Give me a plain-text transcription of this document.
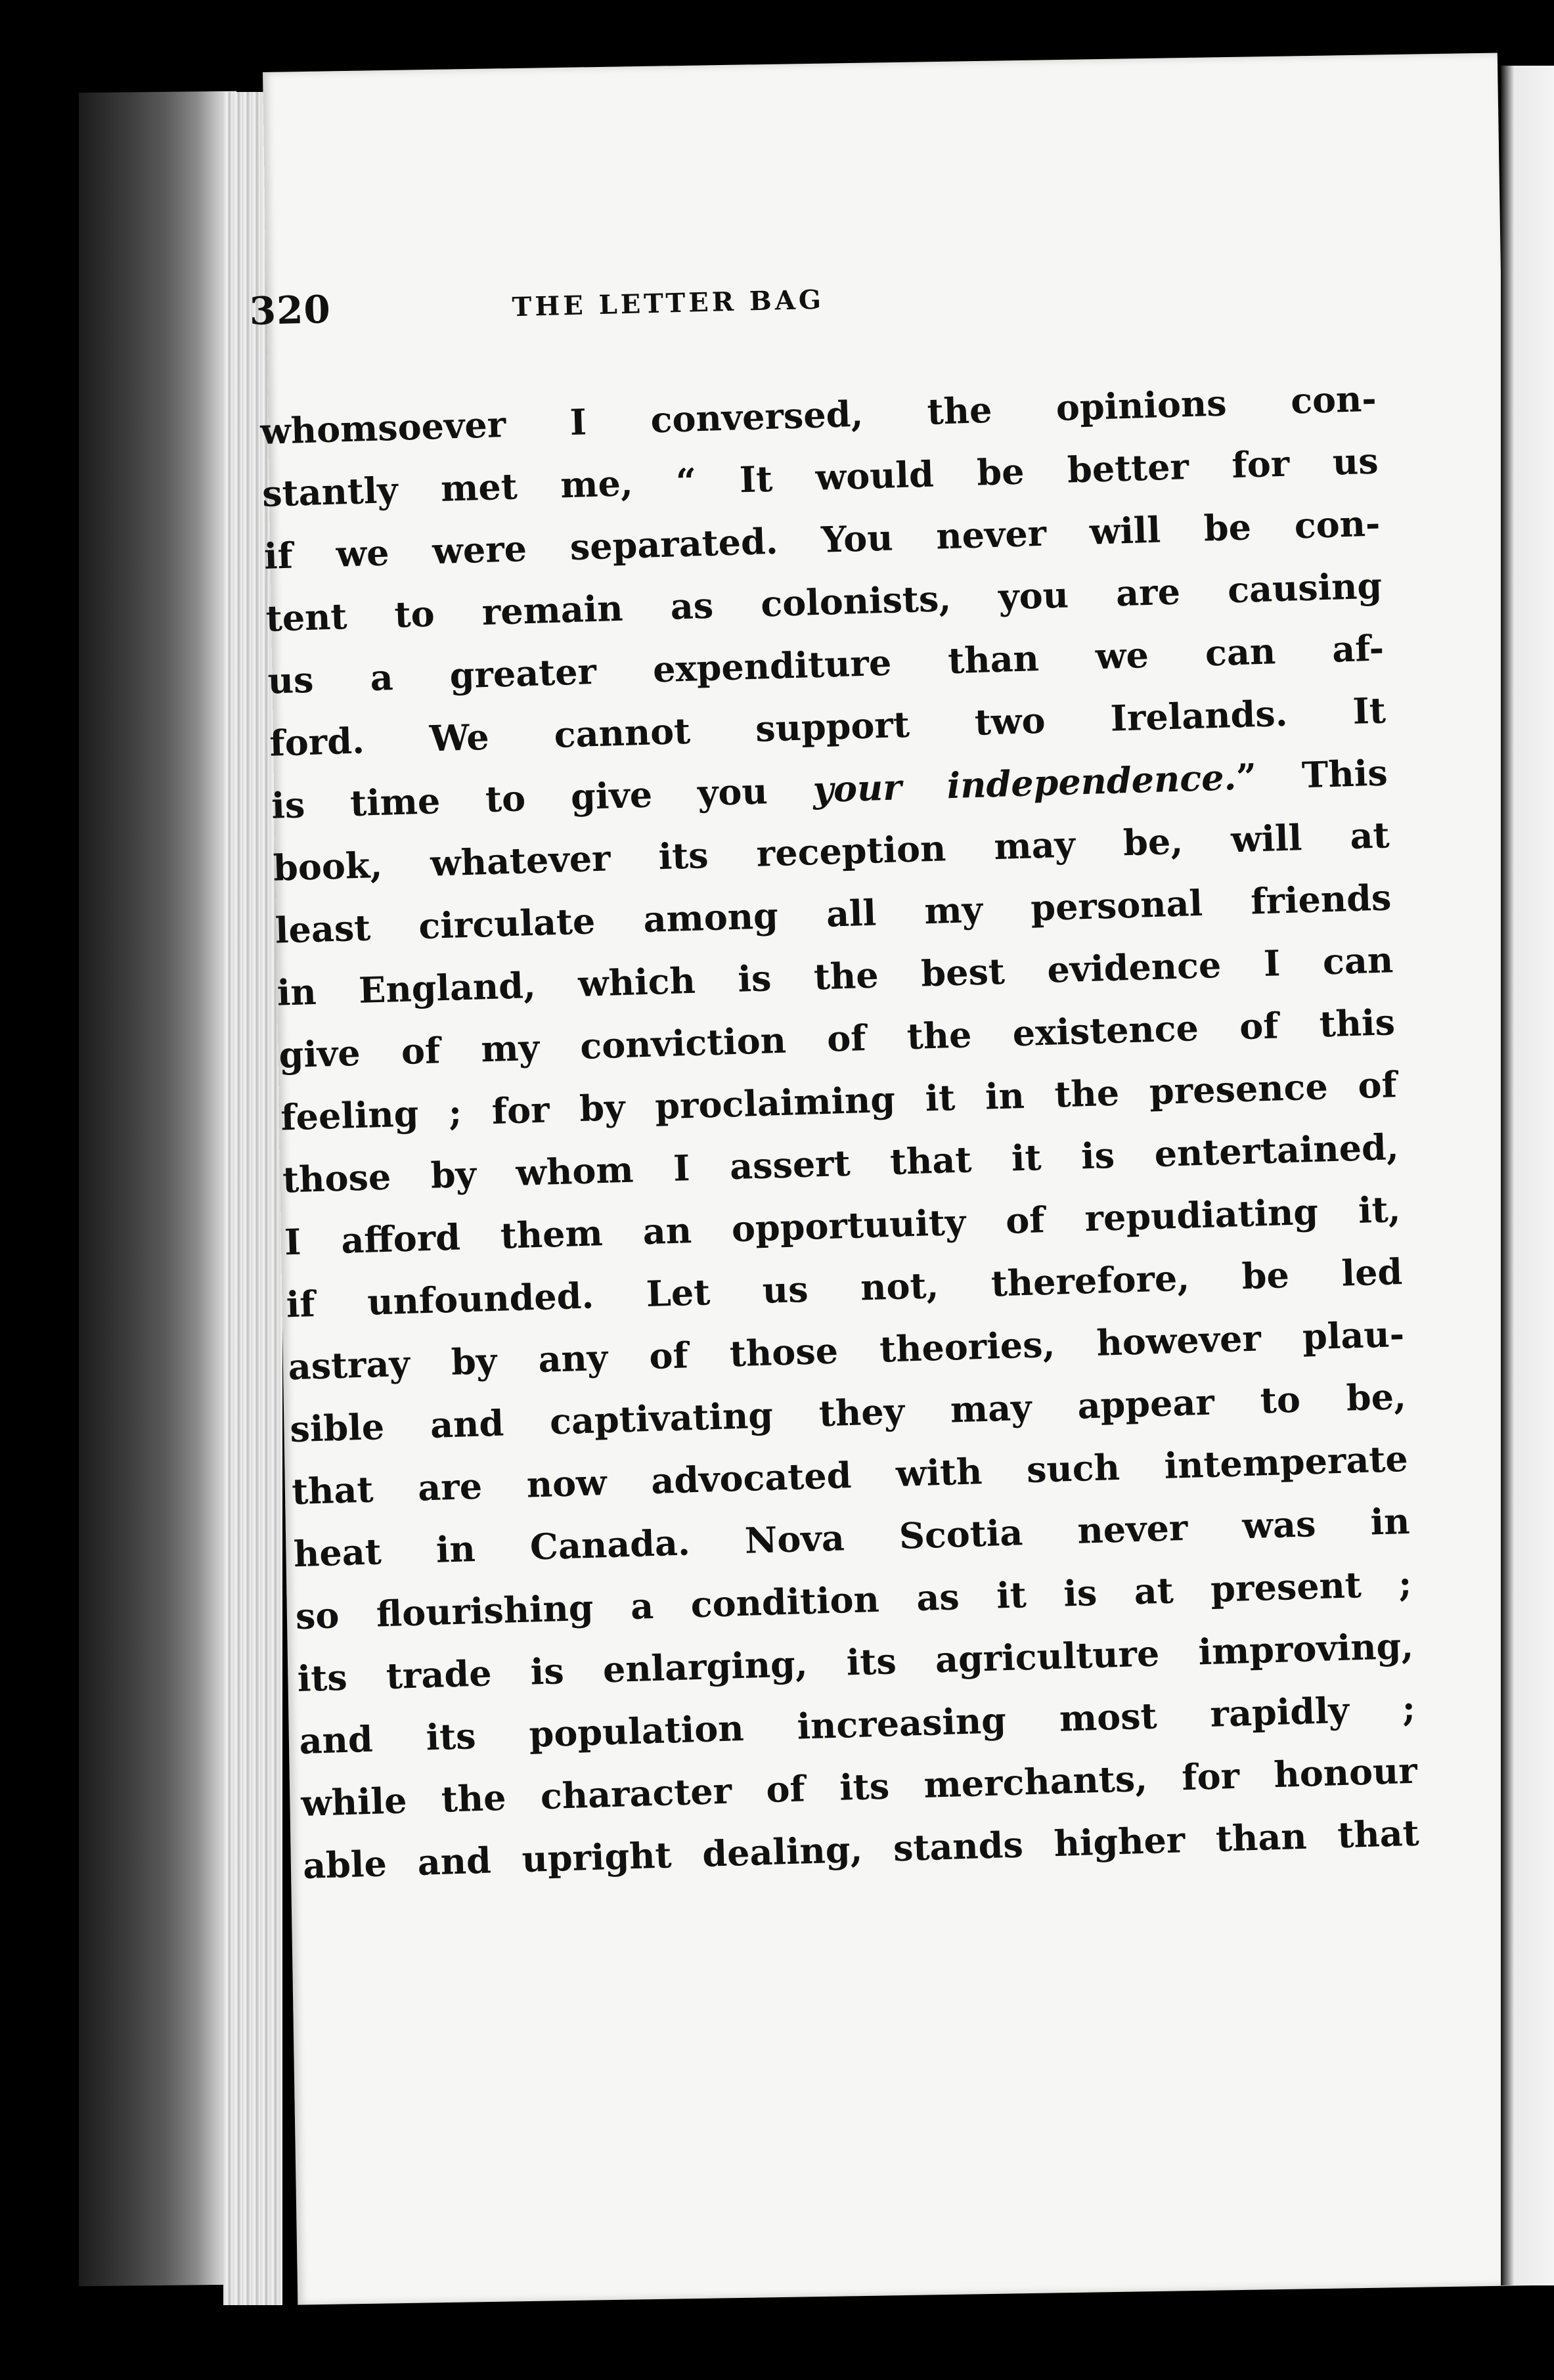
320	THE LETTER BAG
whomsoever I conversed, the opinions con-
stantly met me, “ It would be better for us
if we were separated. You never will be con-
tent to remain as colonists, you are causing
us a greater expenditure than we can af-
ford. We cannot support two Irelands. It
is time to give you your independence.” This
book, whatever its reception may be, will at
least circulate among all my personal friends
in England, which is the best evidence I can
give of my conviction of the existence of this
feeling ; for by proclaiming it in the presence of
those by whom I assert that it is entertained,
I afford them an opportuuity of repudiating it,
if unfounded. Let us not, therefore, be led
astray by any of those theories, however plau-
sible and captivating they may appear to be,
that are now advocated with such intemperate
heat in Canada. Nova Scotia never was in
so flourishing a condition as it is at present ;
its trade is enlarging, its agriculture improving,
and its population increasing most rapidly ;
while the character of its merchants, for honour
able and upright dealing, stands higher than that
